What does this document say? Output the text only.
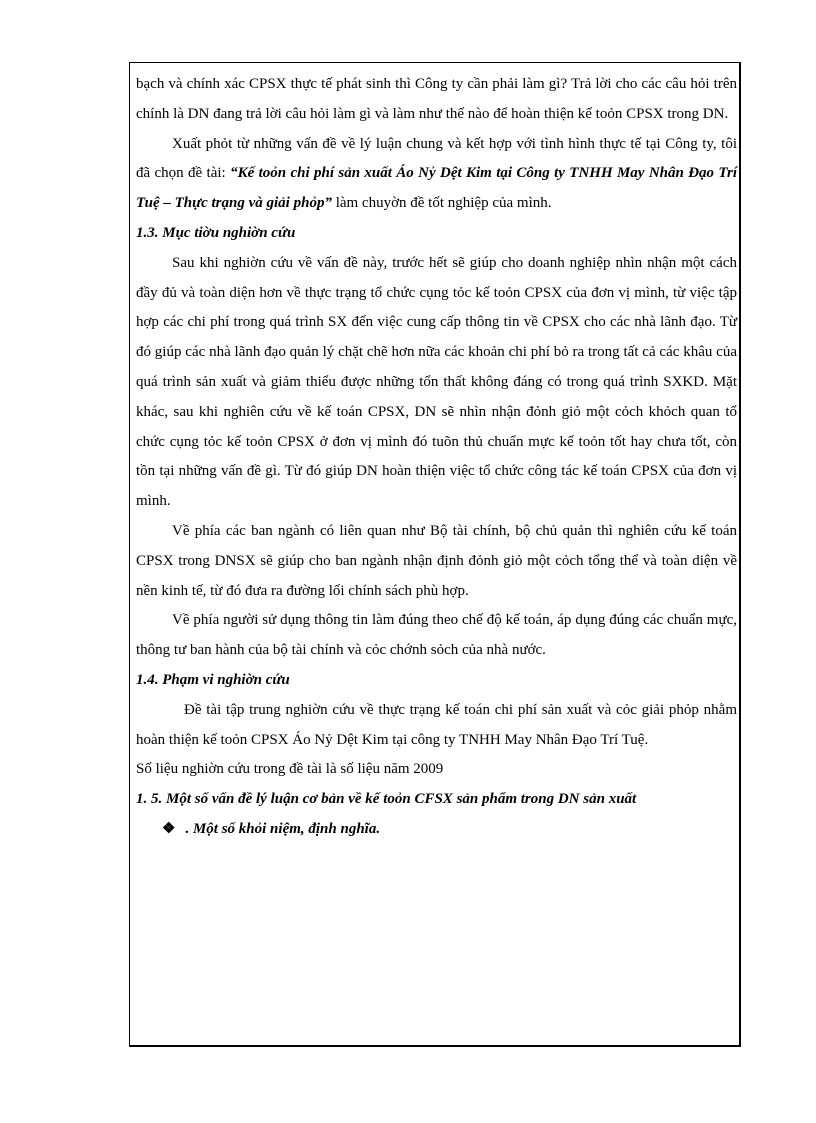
bạch và chính xác CPSX thực tế phát sinh thì Công ty cần phải làm gì? Trả lời cho các câu hỏi trên chính là DN đang trả lời câu hỏi làm gì và làm như thế nào để hoàn thiện kế toỏn CPSX trong DN.

Xuất phỏt từ những vấn đề về lý luận chung và kết hợp với tình hình thực tế tại Công ty, tôi đã chọn đề tài: “Kế toỏn chi phí sản xuất Áo Nỷ Dệt Kim tại Công ty TNHH May Nhân Đạo Trí Tuệ – Thực trạng và giải phỏp” làm chuyờn đề tốt nghiệp của mình.

1.3. Mục tiờu nghiờn cứu

Sau khi nghiờn cứu về vấn đề này, trước hết sẽ giúp cho doanh nghiệp nhìn nhận một cách đầy đủ và toàn diện hơn về thực trạng tổ chức cụng tỏc kế toỏn CPSX của đơn vị mình, từ việc tập hợp các chi phí trong quá trình SX đến việc cung cấp thông tin về CPSX cho các nhà lãnh đạo. Từ đó giúp các nhà lãnh đạo quản lý chặt chẽ hơn nữa các khoản chi phí bỏ ra trong tất cả các khâu của quá trình sản xuất và giảm thiểu được những tổn thất không đáng có trong quá trình SXKD. Mặt khác, sau khi nghiên cứu về kế toán CPSX, DN sẽ nhìn nhận đỏnh giỏ một cỏch khỏch quan tổ chức cụng tỏc kế toỏn CPSX ở đơn vị mình đó tuõn thủ chuẩn mực kế toỏn tốt hay chưa tốt, còn tồn tại những vấn đề gì. Từ đó giúp DN hoàn thiện việc tổ chức công tác kế toán CPSX của đơn vị mình.

Về phía các ban ngành có liên quan như Bộ tài chính, bộ chủ quản thì nghiên cứu kế toán CPSX trong DNSX sẽ giúp cho ban ngành nhận định đỏnh giỏ một cỏch tổng thể và toàn diện về nền kinh tế, từ đó đưa ra đường lối chính sách phù hợp.

Về phía người sử dụng thông tin làm đúng theo chế độ kế toán, áp dụng đúng các chuẩn mực, thông tư ban hành của bộ tài chính và cỏc chớnh sỏch của nhà nước.

1.4. Phạm vi nghiờn cứu

Đề tài tập trung nghiờn cứu về thực trạng kế toán chi phí sản xuất và cỏc giải phỏp nhằm hoàn thiện kế toỏn CPSX Áo Nỷ Dệt Kim tại công ty TNHH May Nhân Đạo Trí Tuệ.

Số liệu nghiờn cứu trong đề tài là số liệu năm 2009

1. 5. Một số vấn đề lý luận cơ bản về kế toỏn CFSX sản phẩm trong DN sản xuất

❖ . Một số khỏi niệm, định nghĩa.
